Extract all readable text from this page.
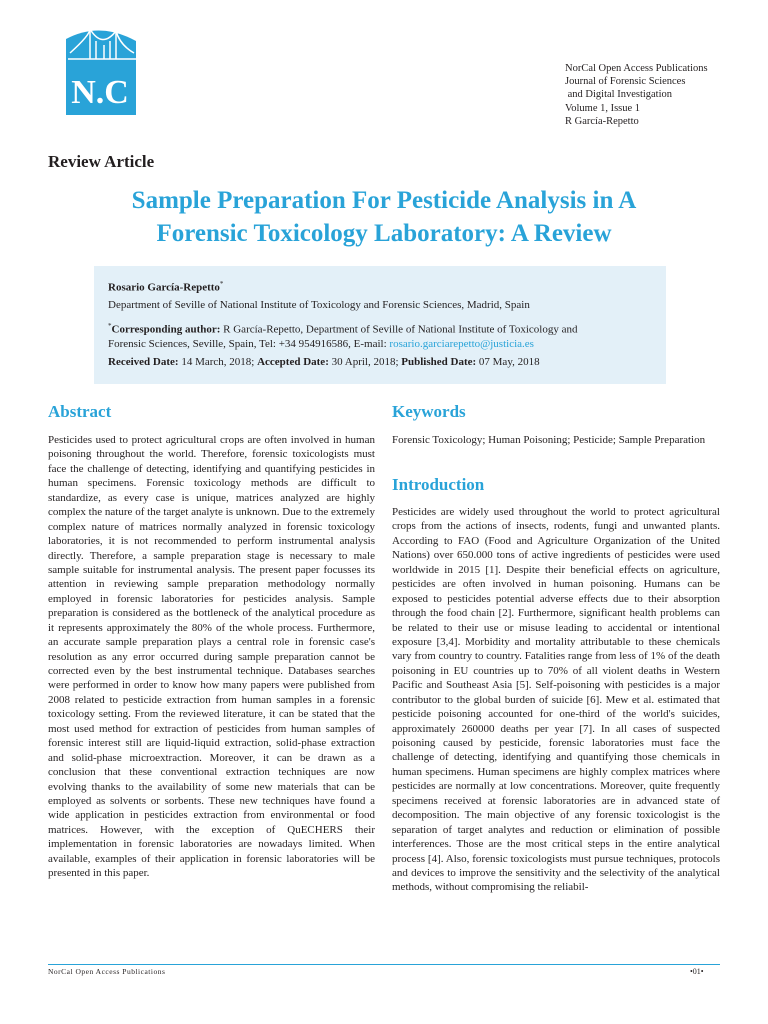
N.C
NorCal Open Access Publications
Journal of Forensic Sciences
and Digital Investigation
Volume 1, Issue 1
R García-Repetto
Review Article
Sample Preparation For Pesticide Analysis in A
Forensic Toxicology Laboratory: A Review
Rosario García-Repetto*
Department of Seville of National Institute of Toxicology and Forensic Sciences, Madrid, Spain
*Corresponding author: R García-Repetto, Department of Seville of National Institute of Toxicology and
Forensic Sciences, Seville, Spain, Tel: +34 954916586, E-mail: rosario.garciarepetto@justicia.es
Received Date: 14 March, 2018; Accepted Date: 30 April, 2018; Published Date: 07 May, 2018
Abstract

Pesticides used to protect agricultural crops are often involved in human poisoning throughout the world. Therefore, forensic toxicologists must face the challenge of detecting, identifying and quantifying pesticides in human specimens. Forensic toxicology methods are difficult to standardize, as every case is unique, matrices analyzed are highly complex the nature of the target analyte is unknown. Due to the extremely complex nature of matrices normally analyzed in forensic toxicology laboratories, it is not recommended to perform instrumental analysis directly. Therefore, a sample preparation stage is necessary to male sample suitable for instrumental analysis. The present paper focusses its attention in reviewing sample preparation methodology normally employed in forensic laboratories for pesticides analysis. Sample preparation is considered as the bottleneck of the analytical procedure as it represents approximately the 80% of the whole process. Furthermore, an accurate sample preparation plays a central role in forensic case's resolution as any error occurred during sample preparation cannot be corrected even by the best instrumental technique. Databases searches were performed in order to know how many papers were published from 2008 related to pesticide extraction from human samples in a forensic toxicology setting. From the reviewed literature, it can be stated that the most used method for extraction of pesticides from human samples of forensic interest still are liquid-liquid extraction, solid-phase extraction and solid-phase microextraction. Moreover, it can be drawn as a conclusion that these conventional extraction techniques are now evolving thanks to the availability of some new materials that can be employed as solvents or sorbents. These new techniques have found a wide application in pesticides extraction from environmental or food matrices. However, with the exception of QuECHERS their implementation in forensic laboratories are nowadays limited. When available, examples of their application in forensic laboratories will be presented in this paper.

Keywords

Forensic Toxicology; Human Poisoning; Pesticide; Sample Preparation

Introduction

Pesticides are widely used throughout the world to protect agricultural crops from the actions of insects, rodents, fungi and unwanted plants. According to FAO (Food and Agriculture Organization of the United Nations) over 650.000 tons of active ingredients of pesticides were used worldwide in 2015 [1]. Despite their beneficial effects on agriculture, pesticides are often involved in human poisoning. Humans can be exposed to pesticides potential adverse effects due to their absorption through the food chain [2]. Furthermore, significant health problems can be related to their use or misuse leading to accidental or intentional exposure [3,4]. Morbidity and mortality attributable to these chemicals vary from country to country. Fatalities range from less of 1% of the death poisoning in EU countries up to 70% of all violent deaths in Western Pacific and Southeast Asia [5]. Self-poisoning with pesticides is a major contributor to the global burden of suicide [6]. Mew et al. estimated that pesticide poisoning accounted for one-third of the world's suicides, approximately 260000 deaths per year [7]. In all cases of suspected poisoning caused by pesticide, forensic laboratories must face the challenge of detecting, identifying and quantifying those chemicals in human specimens. Human specimens are highly complex matrices where pesticides are normally at low concentrations. Moreover, quite frequently specimens received at forensic laboratories are in advanced state of decomposition. The main objective of any forensic toxicologist is the separation of target analytes and reduction or elimination of possible interferences. Those are the most critical steps in the entire analytical process [4]. Also, forensic toxicologists must pursue techniques, protocols and devices to improve the sensitivity and the selectivity of the analytical methods, without compromising the reliabil-

NorCal Open Access Publications	•01•
